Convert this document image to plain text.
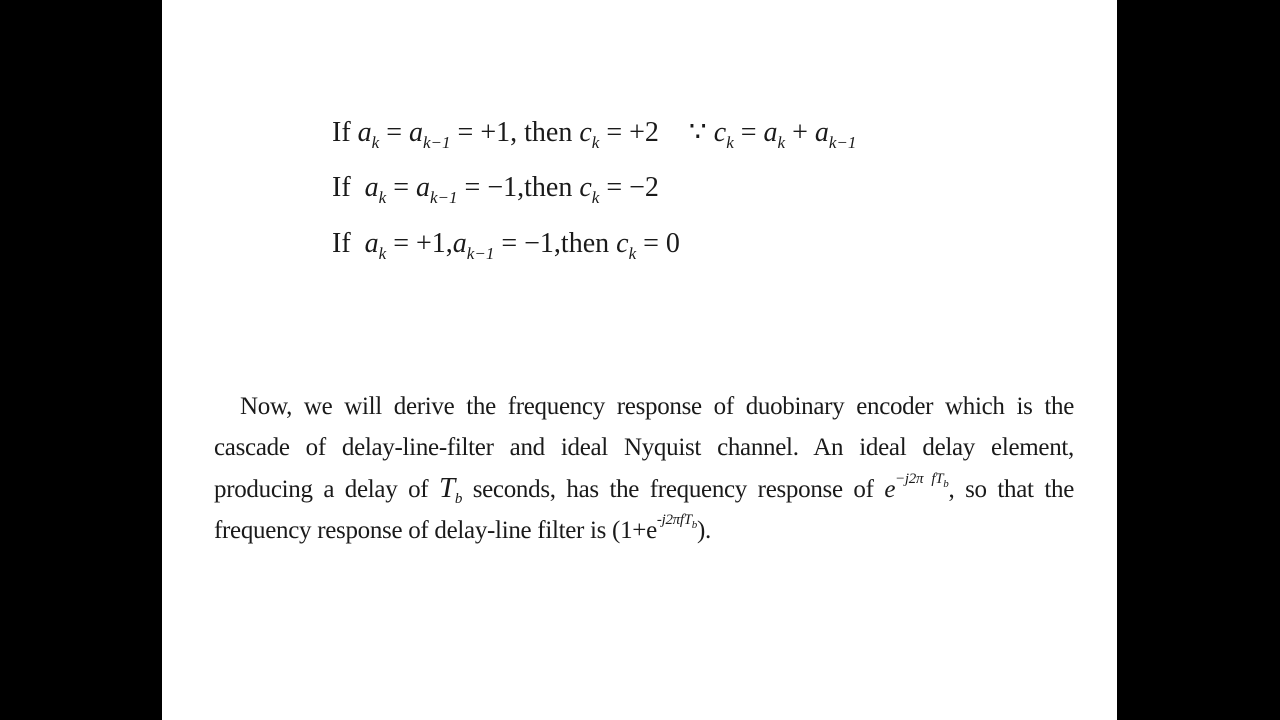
If $a_k = a_{k-1} = +1$, then $c_k = +2$ ∵ $c_k = a_k + a_{k-1}$
If $a_k = a_{k-1}$ = −1,then $c_k = -2$
If $a_k = +1,a_{k-1}$ = −1,then $c_k = 0$
Now, we will derive the frequency response of duobinary encoder which is the cascade of delay-line-filter and ideal Nyquist channel. An ideal delay element, producing a delay of $T_b$ seconds, has the frequency response of $e^{-j2\pi fT_b}$, so that the frequency response of delay-line filter is $(1+e^{-j2\pi fT_b})$.
